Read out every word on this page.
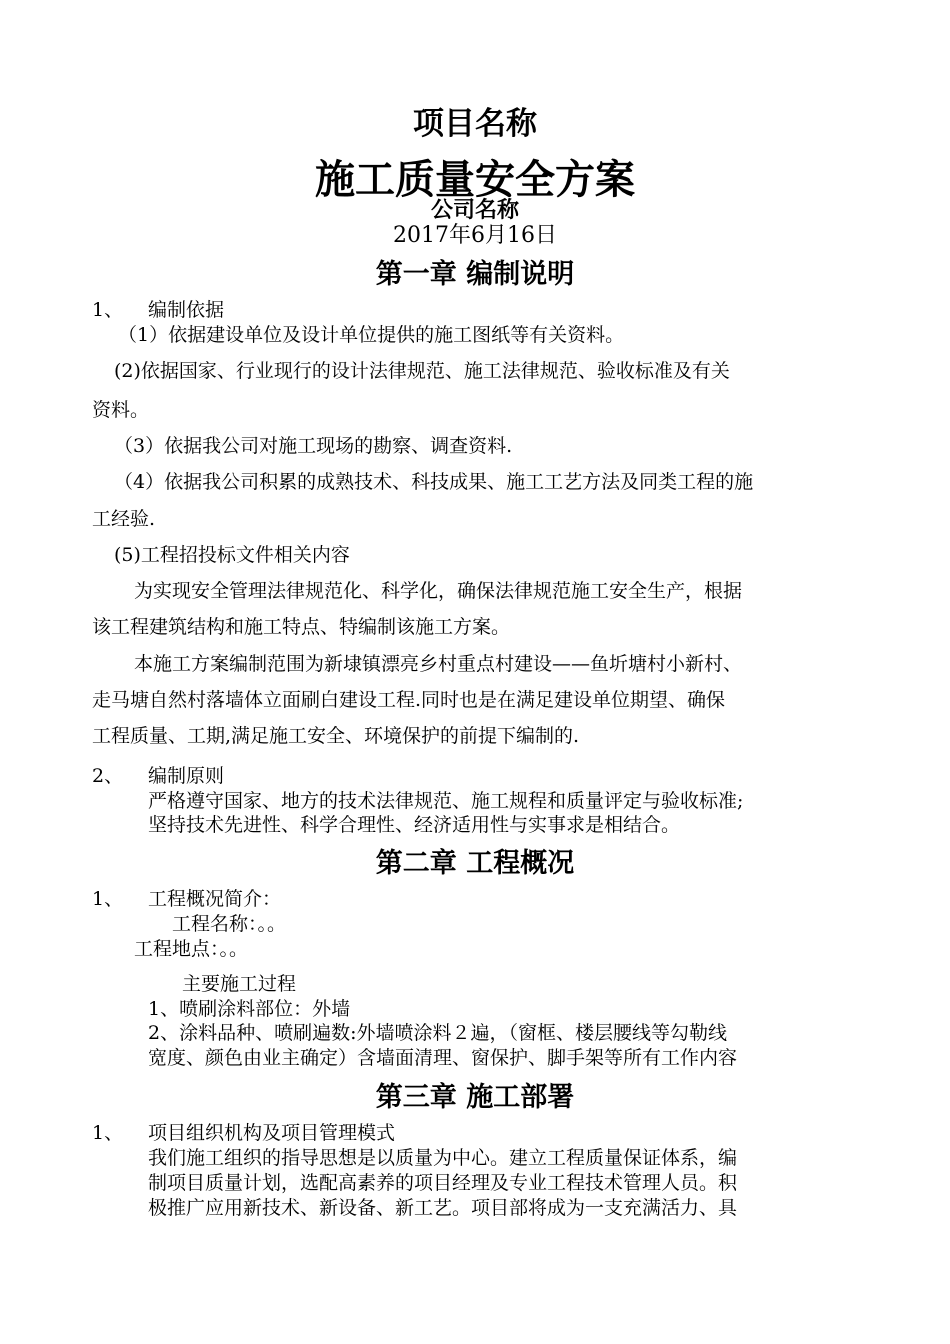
项目名称
施工质量安全方案
公司名称
2017年6月16日
第一章 编制说明
1、 编制依据
（1）依据建设单位及设计单位提供的施工图纸等有关资料。
(2)依据国家、行业现行的设计法律规范、施工法律规范、验收标准及有关
资料。
（3）依据我公司对施工现场的勘察、调查资料.
（4）依据我公司积累的成熟技术、科技成果、施工工艺方法及同类工程的施
工经验.
(5)工程招投标文件相关内容
为实现安全管理法律规范化、科学化，确保法律规范施工安全生产，根据
该工程建筑结构和施工特点、特编制该施工方案。
本施工方案编制范围为新埭镇漂亮乡村重点村建设——鱼圻塘村小新村、
走马塘自然村落墙体立面刷白建设工程.同时也是在满足建设单位期望、确保
工程质量、工期,满足施工安全、环境保护的前提下编制的.
2、 编制原则
严格遵守国家、地方的技术法律规范、施工规程和质量评定与验收标准;
坚持技术先进性、科学合理性、经济适用性与实事求是相结合。
第二章 工程概况
1、 工程概况简介：
工程名称：。。
工程地点：。。
主要施工过程
1、喷刷涂料部位：外墙
2、涂料品种、喷刷遍数:外墙喷涂料２遍，（窗框、楼层腰线等勾勒线
宽度、颜色由业主确定）含墙面清理、窗保护、脚手架等所有工作内容
第三章 施工部署
1、 项目组织机构及项目管理模式
我们施工组织的指导思想是以质量为中心。建立工程质量保证体系，编
制项目质量计划，选配高素养的项目经理及专业工程技术管理人员。积
极推广应用新技术、新设备、新工艺。项目部将成为一支充满活力、具
